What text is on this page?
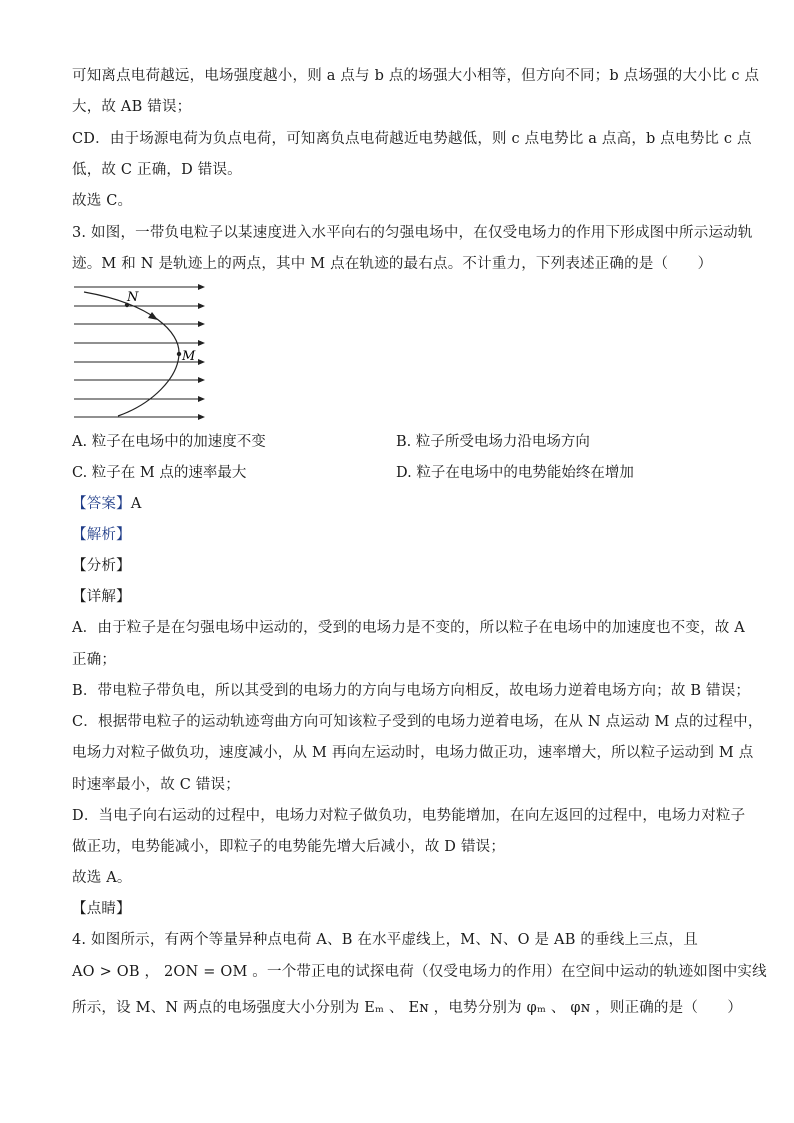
可知离点电荷越远，电场强度越小，则 a 点与 b 点的场强大小相等，但方向不同；b 点场强的大小比 c 点
大，故 AB 错误；
CD．由于场源电荷为负点电荷，可知离负点电荷越近电势越低，则 c 点电势比 a 点高，b 点电势比 c 点
低，故 C 正确，D 错误。
故选 C。
3. 如图，一带负电粒子以某速度进入水平向右的匀强电场中，在仅受电场力的作用下形成图中所示运动轨
迹。M 和 N 是轨迹上的两点，其中 M 点在轨迹的最右点。不计重力，下列表述正确的是（　　）
N
M
A. 粒子在电场中的加速度不变	B. 粒子所受电场力沿电场方向
C. 粒子在 M 点的速率最大	D. 粒子在电场中的电势能始终在增加
【答案】A
【解析】
【分析】
【详解】
A．由于粒子是在匀强电场中运动的，受到的电场力是不变的，所以粒子在电场中的加速度也不变，故 A
正确；
B．带电粒子带负电，所以其受到的电场力的方向与电场方向相反，故电场力逆着电场方向；故 B 错误；
C．根据带电粒子的运动轨迹弯曲方向可知该粒子受到的电场力逆着电场，在从 N 点运动 M 点的过程中，
电场力对粒子做负功，速度减小，从 M 再向左运动时，电场力做正功，速率增大，所以粒子运动到 M 点
时速率最小，故 C 错误；
D．当电子向右运动的过程中，电场力对粒子做负功，电势能增加，在向左返回的过程中，电场力对粒子
做正功，电势能减小，即粒子的电势能先增大后减小，故 D 错误；
故选 A。
【点睛】
4. 如图所示，有两个等量异种点电荷 A、B 在水平虚线上，M、N、O 是 AB 的垂线上三点，且
AO > OB ， 2ON = OM 。一个带正电的试探电荷（仅受电场力的作用）在空间中运动的轨迹如图中实线
所示，设 M、N 两点的电场强度大小分别为 Eₘ 、 Eɴ ，电势分别为 φₘ 、 φɴ ，则正确的是（　　）
